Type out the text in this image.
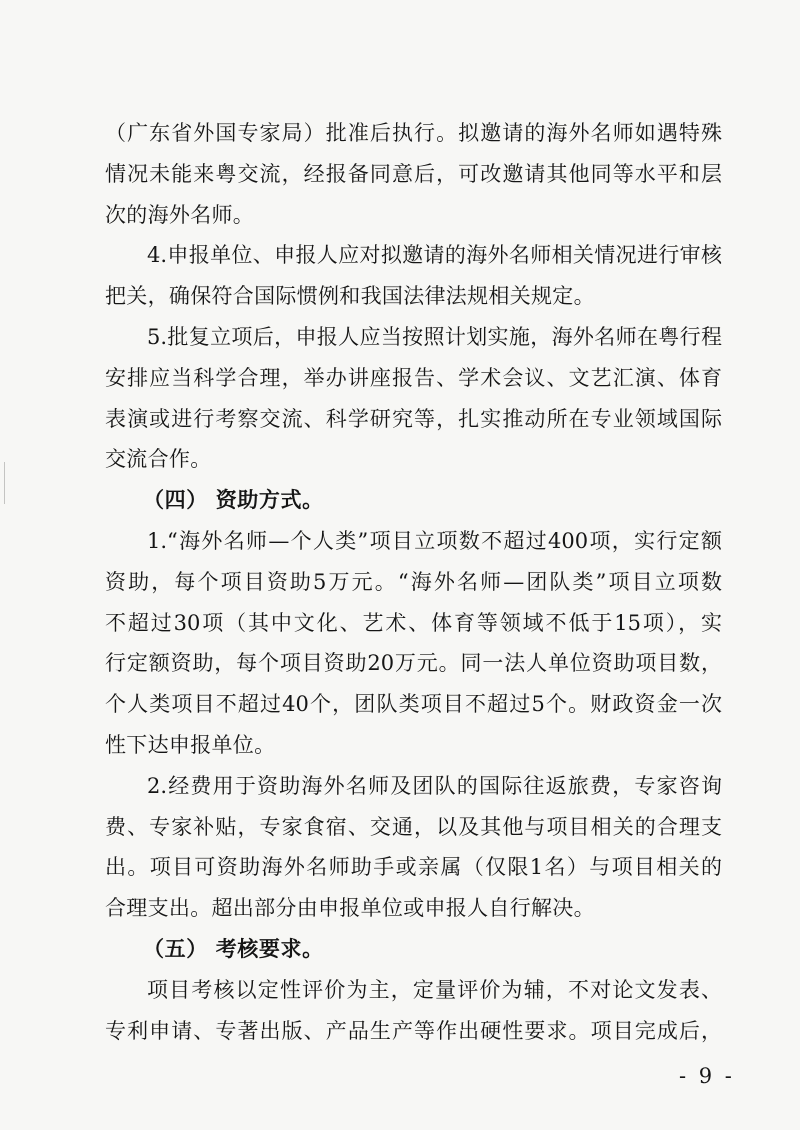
（广东省外国专家局）批准后执行。拟邀请的海外名师如遇特殊
情况未能来粤交流，经报备同意后，可改邀请其他同等水平和层
次的海外名师。
4.申报单位、申报人应对拟邀请的海外名师相关情况进行审核
把关，确保符合国际惯例和我国法律法规相关规定。
5.批复立项后，申报人应当按照计划实施，海外名师在粤行程
安排应当科学合理，举办讲座报告、学术会议、文艺汇演、体育
表演或进行考察交流、科学研究等，扎实推动所在专业领域国际
交流合作。
（四） 资助方式。
1.“海外名师—个人类”项目立项数不超过400项，实行定额
资助，每个项目资助5万元。“海外名师—团队类”项目立项数
不超过30项（其中文化、艺术、体育等领域不低于15项），实
行定额资助，每个项目资助20万元。同一法人单位资助项目数，
个人类项目不超过40个，团队类项目不超过5个。财政资金一次
性下达申报单位。
2.经费用于资助海外名师及团队的国际往返旅费，专家咨询
费、专家补贴，专家食宿、交通，以及其他与项目相关的合理支
出。项目可资助海外名师助手或亲属（仅限1名）与项目相关的
合理支出。超出部分由申报单位或申报人自行解决。
（五） 考核要求。
项目考核以定性评价为主，定量评价为辅，不对论文发表、
专利申请、专著出版、产品生产等作出硬性要求。项目完成后，
- 9 -
